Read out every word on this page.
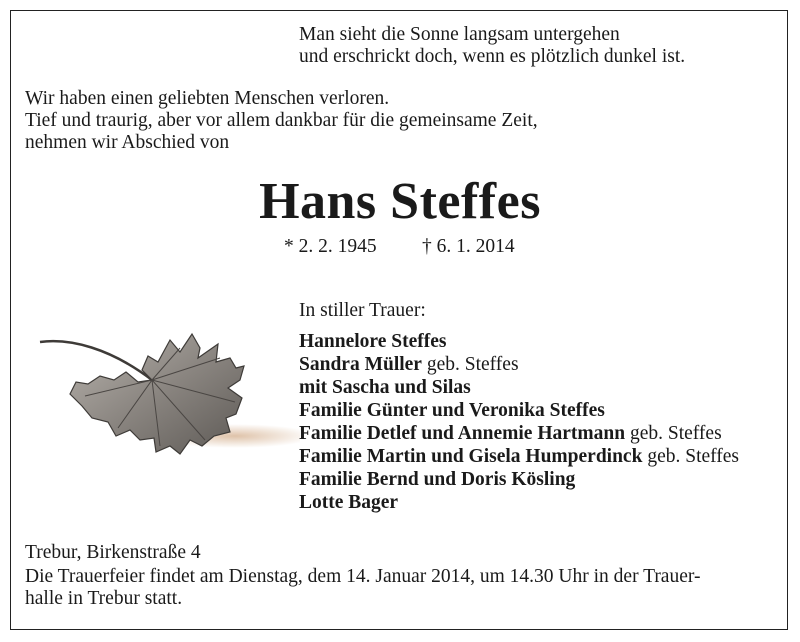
Man sieht die Sonne langsam untergehen
und erschrickt doch, wenn es plötzlich dunkel ist.
Wir haben einen geliebten Menschen verloren.
Tief und traurig, aber vor allem dankbar für die gemeinsame Zeit,
nehmen wir Abschied von
Hans Steffes
* 2. 2. 1945 † 6. 1. 2014
In stiller Trauer:
Hannelore Steffes
Sandra Müller geb. Steffes
mit Sascha und Silas
Familie Günter und Veronika Steffes
Familie Detlef und Annemie Hartmann geb. Steffes
Familie Martin und Gisela Humperdinck geb. Steffes
Familie Bernd und Doris Kösling
Lotte Bager
Trebur, Birkenstraße 4
Die Trauerfeier findet am Dienstag, dem 14. Januar 2014, um 14.30 Uhr in der Trauer-
halle in Trebur statt.
